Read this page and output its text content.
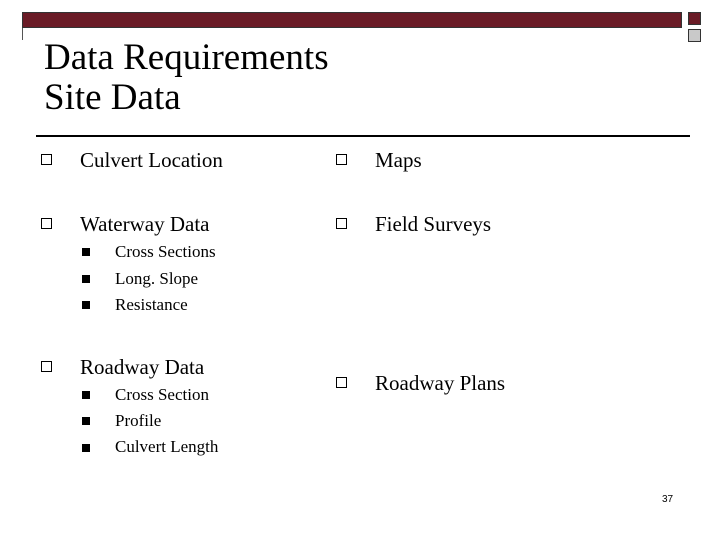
Data Requirements
Site Data
Culvert Location
Waterway Data
Cross Sections
Long. Slope
Resistance
Roadway Data
Cross Section
Profile
Culvert Length
Maps
Field Surveys
Roadway Plans
37
